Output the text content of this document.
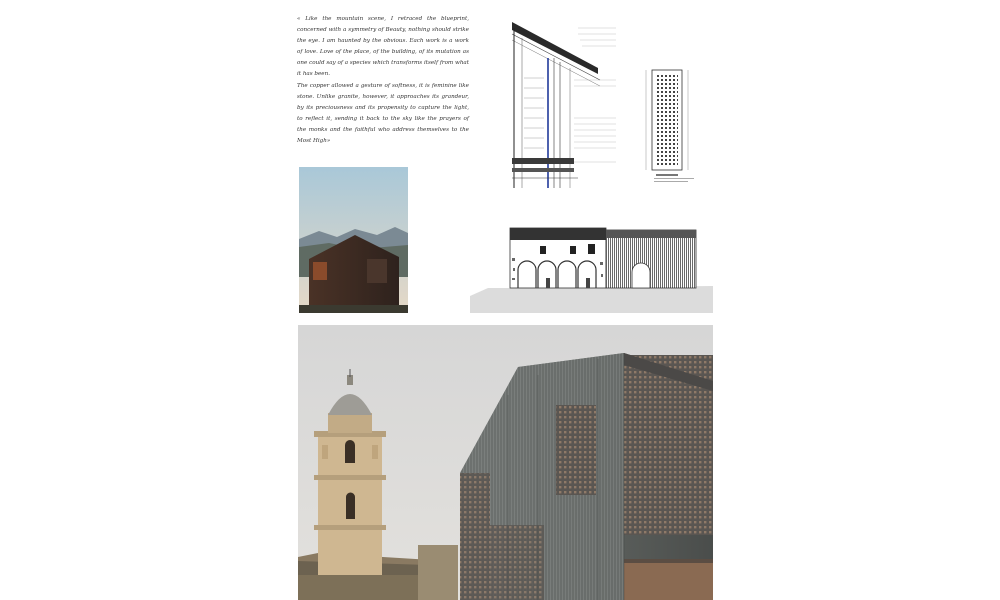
« Like the mountain scene, I retraced the blueprint, concerned with a symmetry of Beauty, nothing should strike the eye. I am haunted by the obvious. Each work is a work of love. Love of the place, of the building, of its mutation as one could say of a species which transforms itself from what it has been.

The copper allowed a gesture of softness, it is feminine like stone. Unlike granite, however, it approaches its grandeur, by its preciousness and its propensity to capture the light, to reflect it, sending it back to the sky like the prayers of the monks and the faithful who address themselves to the Most High»
